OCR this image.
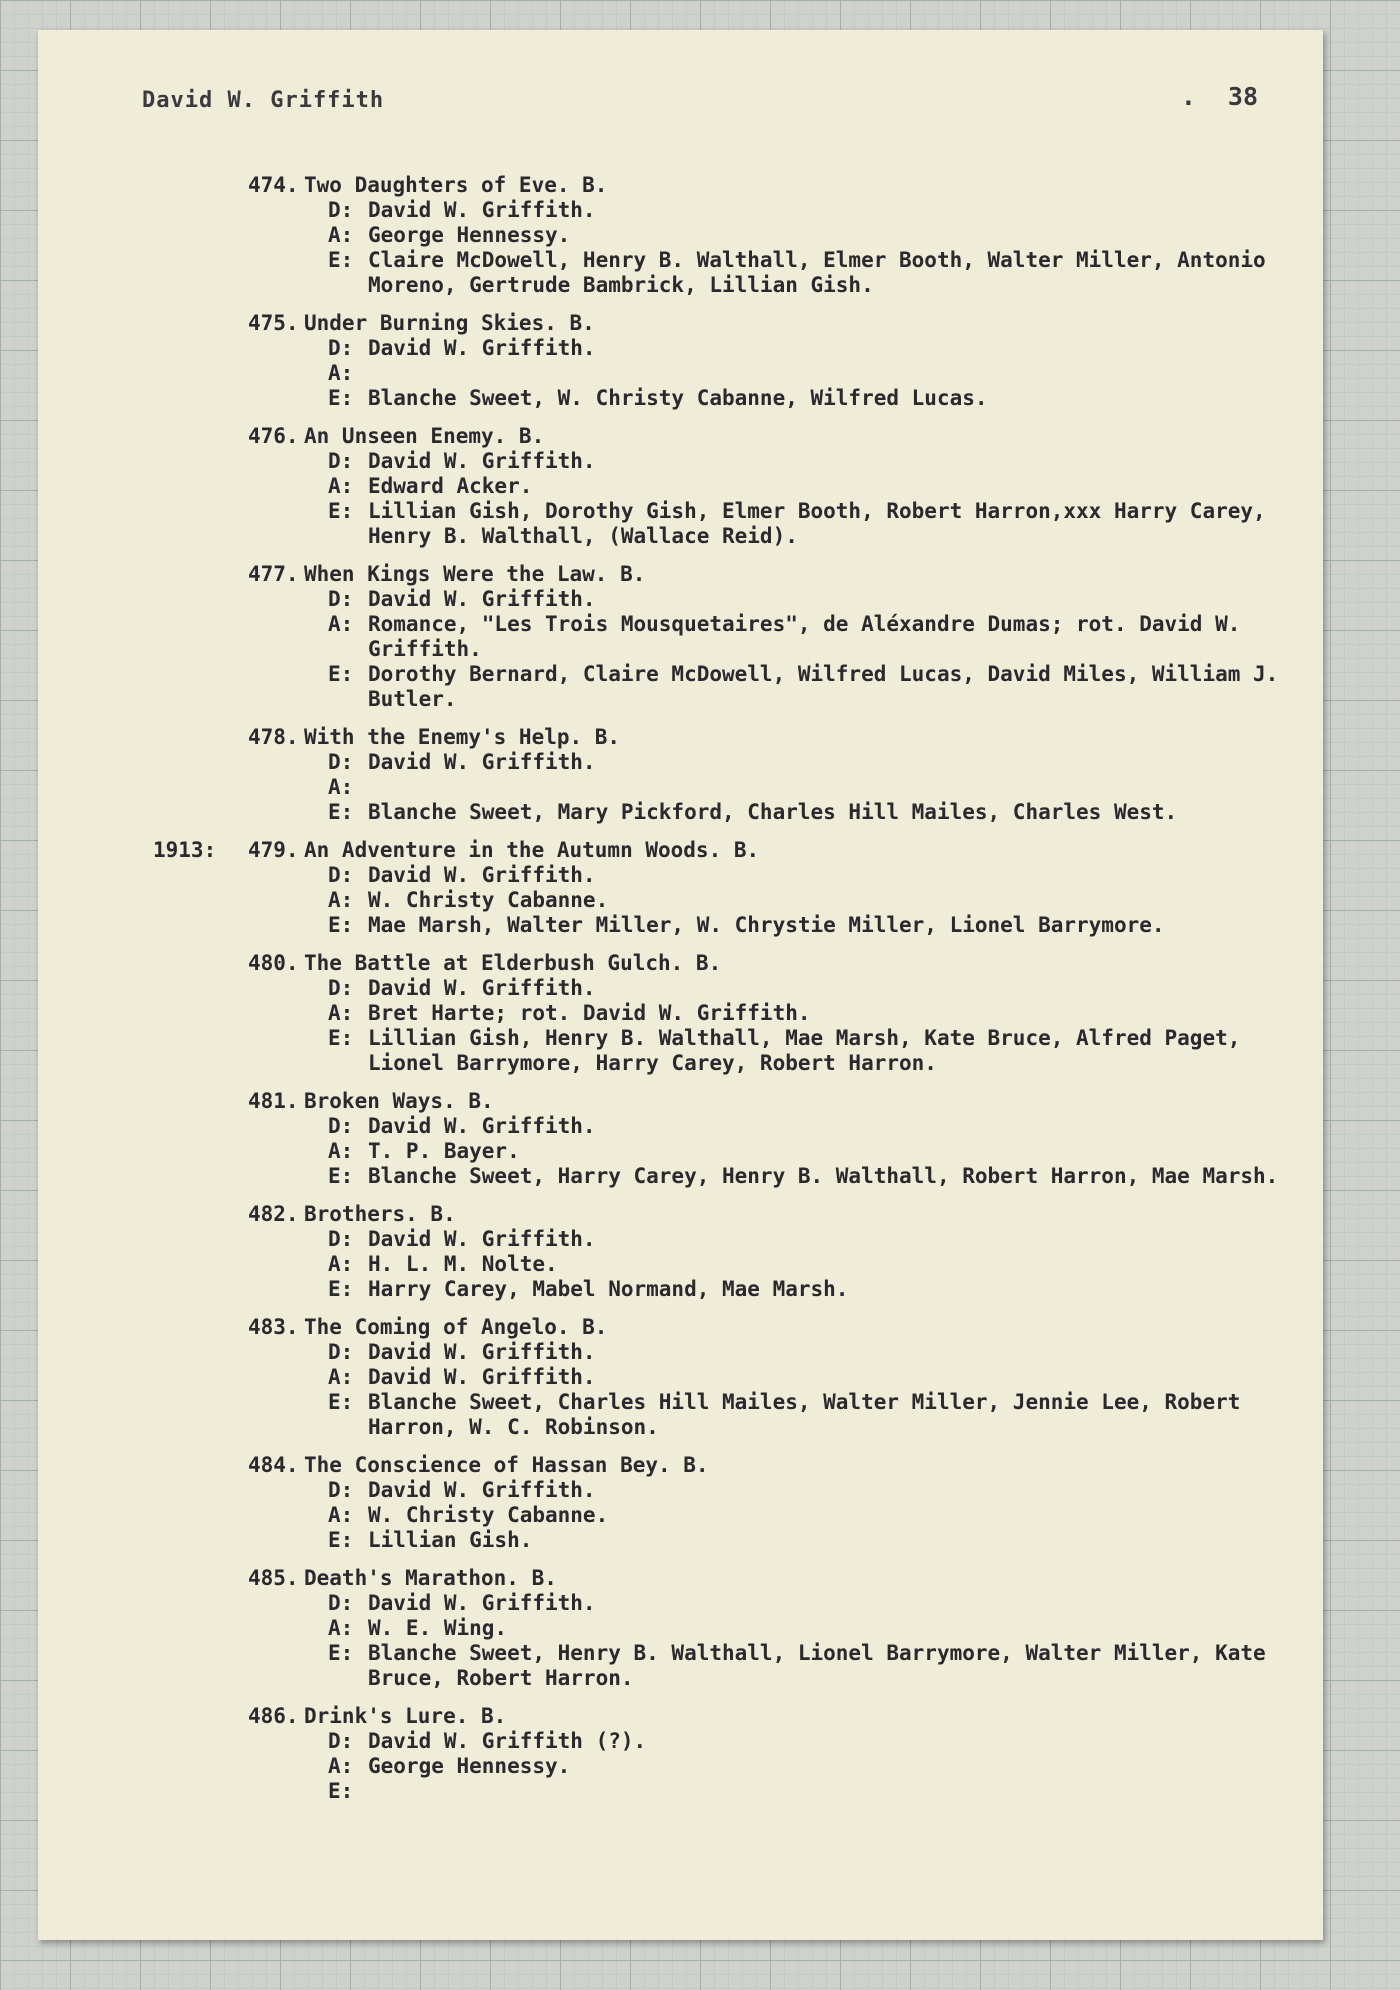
David W. Griffith	. 38
474. Two Daughters of Eve. B.
D: David W. Griffith.
A: George Hennessy.
E: Claire McDowell, Henry B. Walthall, Elmer Booth, Walter Miller, Antonio Moreno, Gertrude Bambrick, Lillian Gish.
475. Under Burning Skies. B.
D: David W. Griffith.
A:
E: Blanche Sweet, W. Christy Cabanne, Wilfred Lucas.
476. An Unseen Enemy. B.
D: David W. Griffith.
A: Edward Acker.
E: Lillian Gish, Dorothy Gish, Elmer Booth, Robert Harron,xxx Harry Carey, Henry B. Walthall, (Wallace Reid).
477. When Kings Were the Law. B.
D: David W. Griffith.
A: Romance, "Les Trois Mousquetaires", de Aléxandre Dumas; rot. David W. Griffith.
E: Dorothy Bernard, Claire McDowell, Wilfred Lucas, David Miles, William J. Butler.
478. With the Enemy's Help. B.
D: David W. Griffith.
A:
E: Blanche Sweet, Mary Pickford, Charles Hill Mailes, Charles West.
1913: 479. An Adventure in the Autumn Woods. B.
D: David W. Griffith.
A: W. Christy Cabanne.
E: Mae Marsh, Walter Miller, W. Chrystie Miller, Lionel Barrymore.
480. The Battle at Elderbush Gulch. B.
D: David W. Griffith.
A: Bret Harte; rot. David W. Griffith.
E: Lillian Gish, Henry B. Walthall, Mae Marsh, Kate Bruce, Alfred Paget, Lionel Barrymore, Harry Carey, Robert Harron.
481. Broken Ways. B.
D: David W. Griffith.
A: T. P. Bayer.
E: Blanche Sweet, Harry Carey, Henry B. Walthall, Robert Harron, Mae Marsh.
482. Brothers. B.
D: David W. Griffith.
A: H. L. M. Nolte.
E: Harry Carey, Mabel Normand, Mae Marsh.
483. The Coming of Angelo. B.
D: David W. Griffith.
A: David W. Griffith.
E: Blanche Sweet, Charles Hill Mailes, Walter Miller, Jennie Lee, Robert Harron, W. C. Robinson.
484. The Conscience of Hassan Bey. B.
D: David W. Griffith.
A: W. Christy Cabanne.
E: Lillian Gish.
485. Death's Marathon. B.
D: David W. Griffith.
A: W. E. Wing.
E: Blanche Sweet, Henry B. Walthall, Lionel Barrymore, Walter Miller, Kate Bruce, Robert Harron.
486. Drink's Lure. B.
D: David W. Griffith (?).
A: George Hennessy.
E:
